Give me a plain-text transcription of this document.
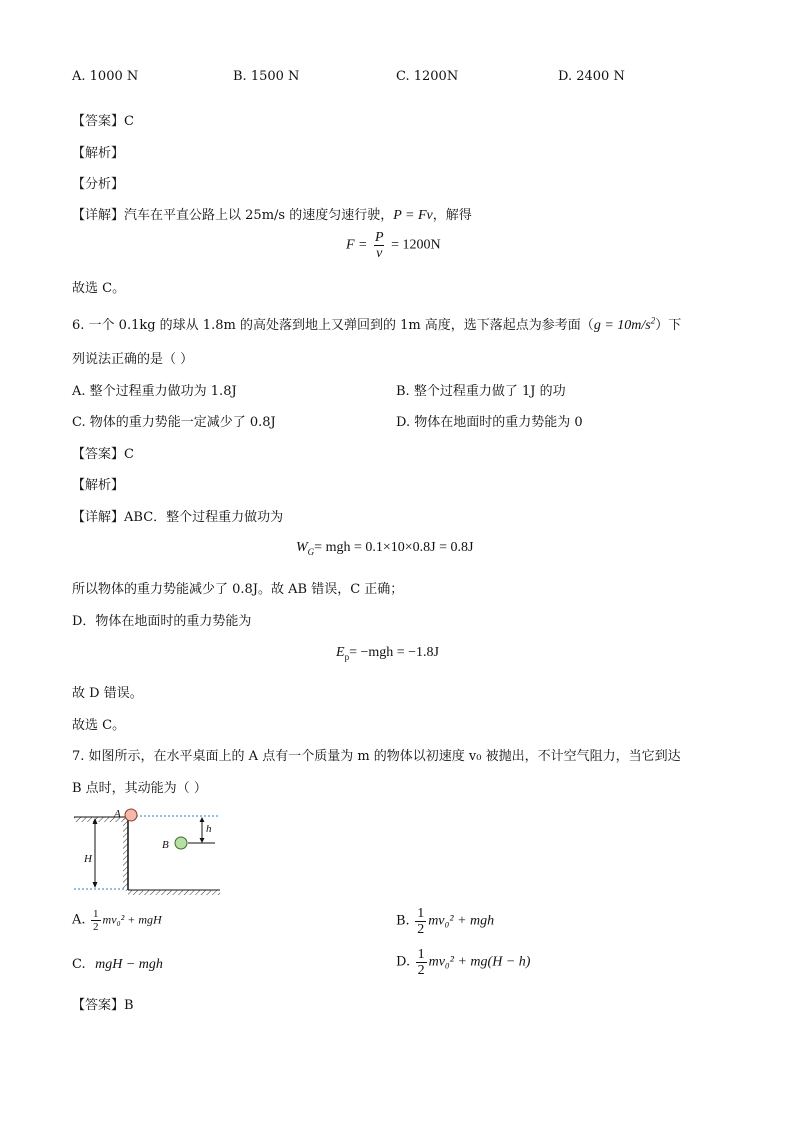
A. 1000 N	B. 1500 N	C. 1200N	D. 2400 N
【答案】C
【解析】
【分析】
【详解】汽车在平直公路上以 25m/s 的速度匀速行驶，P = Fv，解得
$F = \frac{P}{v} = 1200N$
故选 C。
6. 一个 0.1kg 的球从 1.8m 的高处落到地上又弹回到的 1m 高度，选下落起点为参考面$(g = 10m/s^2)$下
列说法正确的是（ ）
A. 整个过程重力做功为 1.8J	B. 整个过程重力做了 1J 的功
C. 物体的重力势能一定减少了 0.8J	D. 物体在地面时的重力势能为 0
【答案】C
【解析】
【详解】ABC．整个过程重力做功为
$W_G=$ mgh = 0.1×10×0.8J = 0.8J
所以物体的重力势能减少了 0.8J。故 AB 错误，C 正确；
D．物体在地面时的重力势能为
$E_p= -mgh = -1.8J$
故 D 错误。
故选 C。
7. 如图所示，在水平桌面上的 A 点有一个质量为 m 的物体以初速度 v₀ 被抛出，不计空气阻力，当它到达
B 点时，其动能为（ ）
H
h
A
B
A. $\frac{1}{2} mv_0^2$ + mgH	B. $\frac{1}{2} mv_0^2$ + mgh
C. mgH − mgh	D. $\frac{1}{2} mv_0^2 + mg(H - h)$
【答案】B
